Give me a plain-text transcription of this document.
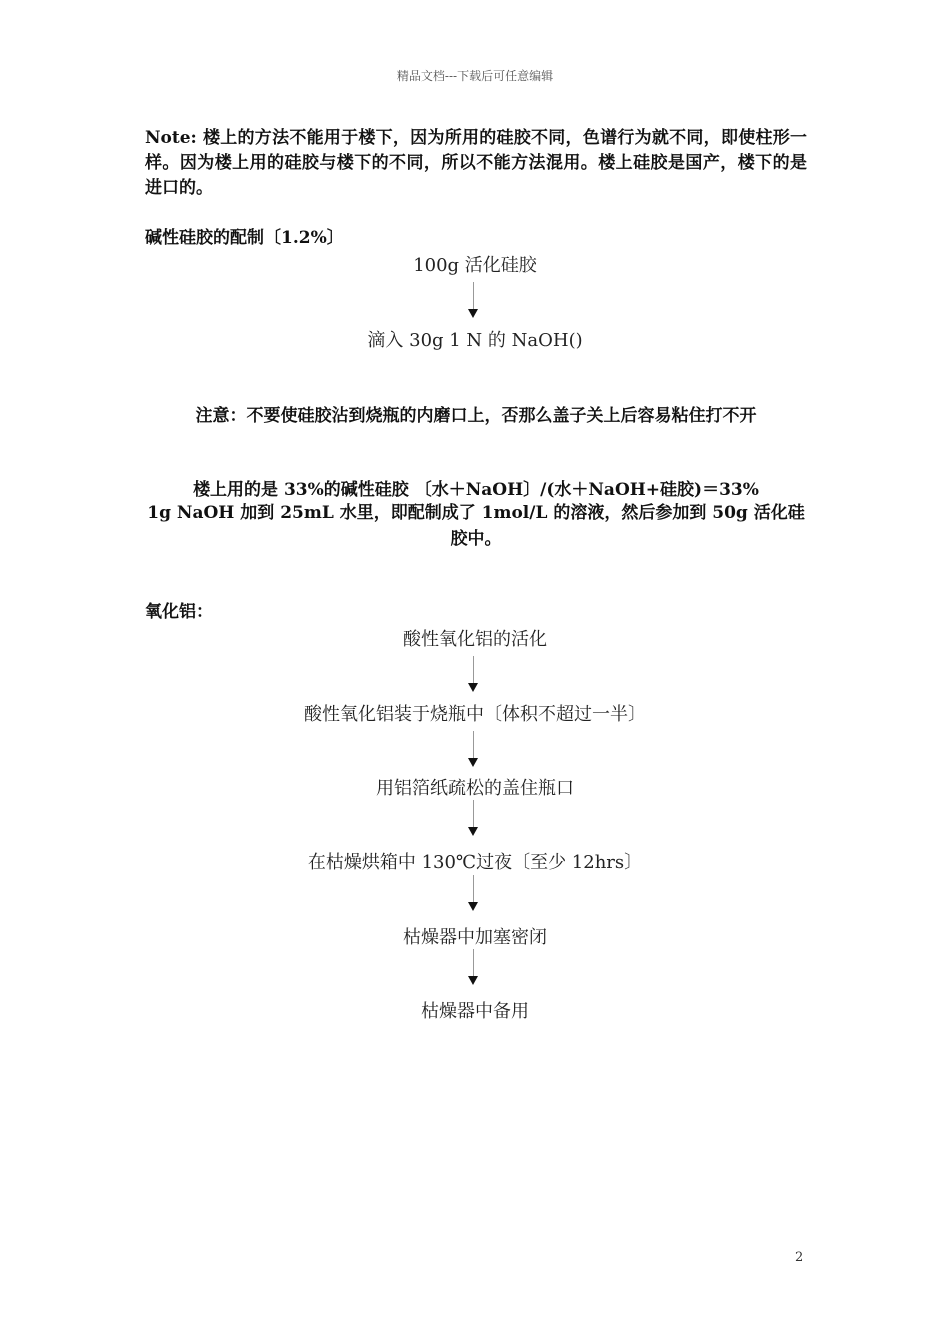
精品文档---下载后可任意编辑
Note: 楼上的方法不能用于楼下，因为所用的硅胶不同，色谱行为就不同，即使柱形一样。因为楼上用的硅胶与楼下的不同，所以不能方法混用。楼上硅胶是国产，楼下的是进口的。
碱性硅胶的配制〔1.2%〕
100g 活化硅胶
滴入 30g 1 N 的 NaOH()
注意：不要使硅胶沾到烧瓶的内磨口上，否那么盖子关上后容易粘住打不开
楼上用的是 33%的碱性硅胶 〔水＋NaOH〕/(水＋NaOH+硅胶)＝33%
1g NaOH 加到 25mL 水里，即配制成了 1mol/L 的溶液，然后参加到 50g 活化硅胶中。
氧化铝：
酸性氧化铝的活化
酸性氧化铝装于烧瓶中〔体积不超过一半〕
用铝箔纸疏松的盖住瓶口
在枯燥烘箱中 130℃过夜〔至少 12hrs〕
枯燥器中加塞密闭
枯燥器中备用
2
